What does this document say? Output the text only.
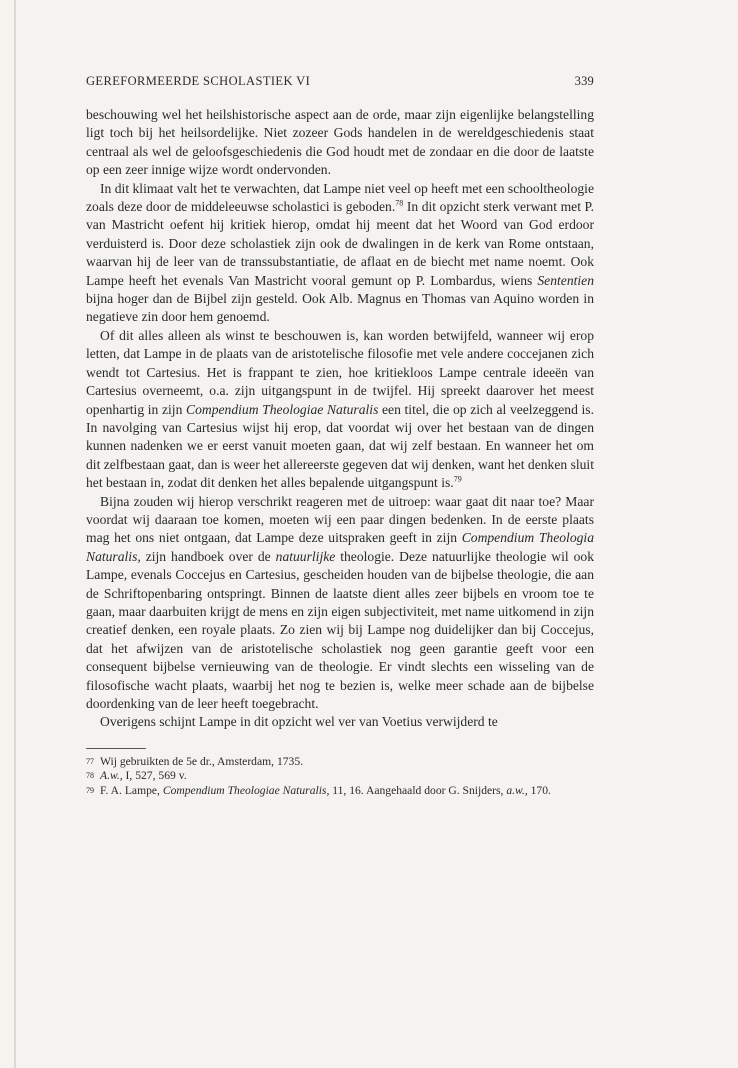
GEREFORMEERDE SCHOLASTIEK VI	339

beschouwing wel het heilshistorische aspect aan de orde, maar zijn eigenlijke belangstelling ligt toch bij het heilsordelijke. Niet zozeer Gods handelen in de wereldgeschiedenis staat centraal als wel de geloofsgeschiedenis die God houdt met de zondaar en die door de laatste op een zeer innige wijze wordt ondervonden.

In dit klimaat valt het te verwachten, dat Lampe niet veel op heeft met een schooltheologie zoals deze door de middeleeuwse scholastici is geboden.$^{78}$ In dit opzicht sterk verwant met P. van Mastricht oefent hij kritiek hierop, omdat hij meent dat het Woord van God erdoor verduisterd is. Door deze scholastiek zijn ook de dwalingen in de kerk van Rome ontstaan, waarvan hij de leer van de transsubstantiatie, de aflaat en de biecht met name noemt. Ook Lampe heeft het evenals Van Mastricht vooral gemunt op P. Lombardus, wiens Sententien bijna hoger dan de Bijbel zijn gesteld. Ook Alb. Magnus en Thomas van Aquino worden in negatieve zin door hem genoemd.

Of dit alles alleen als winst te beschouwen is, kan worden betwijfeld, wanneer wij erop letten, dat Lampe in de plaats van de aristotelische filosofie met vele andere coccejanen zich wendt tot Cartesius. Het is frappant te zien, hoe kritiekloos Lampe centrale ideeën van Cartesius overneemt, o.a. zijn uitgangspunt in de twijfel. Hij spreekt daarover het meest openhartig in zijn Compendium Theologiae Naturalis een titel, die op zich al veelzeggend is. In navolging van Cartesius wijst hij erop, dat voordat wij over het bestaan van de dingen kunnen nadenken we er eerst vanuit moeten gaan, dat wij zelf bestaan. En wanneer het om dit zelfbestaan gaat, dan is weer het allereerste gegeven dat wij denken, want het denken sluit het bestaan in, zodat dit denken het alles bepalende uitgangspunt is.$^{79}$

Bijna zouden wij hierop verschrikt reageren met de uitroep: waar gaat dit naar toe? Maar voordat wij daaraan toe komen, moeten wij een paar dingen bedenken. In de eerste plaats mag het ons niet ontgaan, dat Lampe deze uitspraken geeft in zijn Compendium Theologia Naturalis, zijn handboek over de natuurlijke theologie. Deze natuurlijke theologie wil ook Lampe, evenals Coccejus en Cartesius, gescheiden houden van de bijbelse theologie, die aan de Schriftopenbaring ontspringt. Binnen de laatste dient alles zeer bijbels en vroom toe te gaan, maar daarbuiten krijgt de mens en zijn eigen subjectiviteit, met name uitkomend in zijn creatief denken, een royale plaats. Zo zien wij bij Lampe nog duidelijker dan bij Coccejus, dat het afwijzen van de aristotelische scholastiek nog geen garantie geeft voor een consequent bijbelse vernieuwing van de theologie. Er vindt slechts een wisseling van de filosofische wacht plaats, waarbij het nog te bezien is, welke meer schade aan de bijbelse doordenking van de leer heeft toegebracht.

Overigens schijnt Lampe in dit opzicht wel ver van Voetius verwijderd te

77 Wij gebruikten de 5e dr., Amsterdam, 1735.
78 A.w., I, 527, 569 v.
79 F. A. Lampe, Compendium Theologiae Naturalis, 11, 16. Aangehaald door G. Snijders, a.w., 170.
